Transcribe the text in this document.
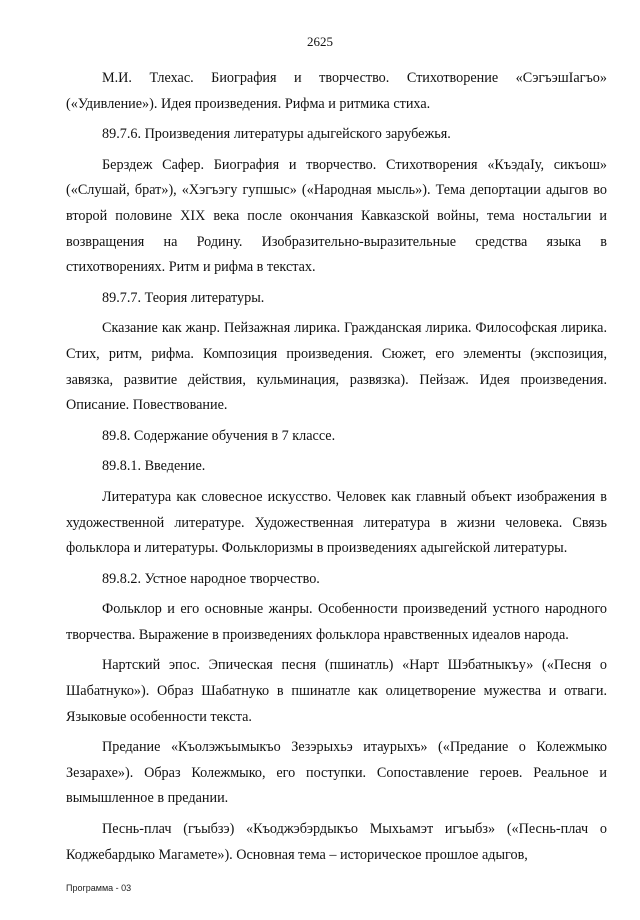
2625

М.И. Тлехас. Биография и творчество. Стихотворение «СэгъэшIагъо» («Удивление»). Идея произведения. Рифма и ритмика стиха.

89.7.6. Произведения литературы адыгейского зарубежья.

Берздеж Сафер. Биография и творчество. Стихотворения «КъэдаIу, сикъош» («Слушай, брат»), «Хэгъэгу гупшыс» («Народная мысль»). Тема депортации адыгов во второй половине XIX века после окончания Кавказской войны, тема ностальгии и возвращения на Родину. Изобразительно-выразительные средства языка в стихотворениях. Ритм и рифма в текстах.

89.7.7. Теория литературы.

Сказание как жанр. Пейзажная лирика. Гражданская лирика. Философская лирика. Стих, ритм, рифма. Композиция произведения. Сюжет, его элементы (экспозиция, завязка, развитие действия, кульминация, развязка). Пейзаж. Идея произведения. Описание. Повествование.

89.8. Содержание обучения в 7 классе.

89.8.1. Введение.

Литература как словесное искусство. Человек как главный объект изображения в художественной литературе. Художественная литература в жизни человека. Связь фольклора и литературы. Фольклоризмы в произведениях адыгейской литературы.

89.8.2. Устное народное творчество.

Фольклор и его основные жанры. Особенности произведений устного народного творчества. Выражение в произведениях фольклора нравственных идеалов народа.

Нартский эпос. Эпическая песня (пшинатль) «Нарт Шэбатныкъу» («Песня о Шабатнуко»). Образ Шабатнуко в пшинатле как олицетворение мужества и отваги. Языковые особенности текста.

Предание «Къолэжъымыкъо Зезэрыхьэ итаурыхъ» («Предание о Колежмыко Зезарахе»). Образ Колежмыко, его поступки. Сопоставление героев. Реальное и вымышленное в предании.

Песнь-плач (гъыбзэ) «Къоджэбэрдыкъо Мыхьамэт игъыбз» («Песнь-плач о Коджебардыко Магамете»). Основная тема – историческое прошлое адыгов,

Программа - 03
